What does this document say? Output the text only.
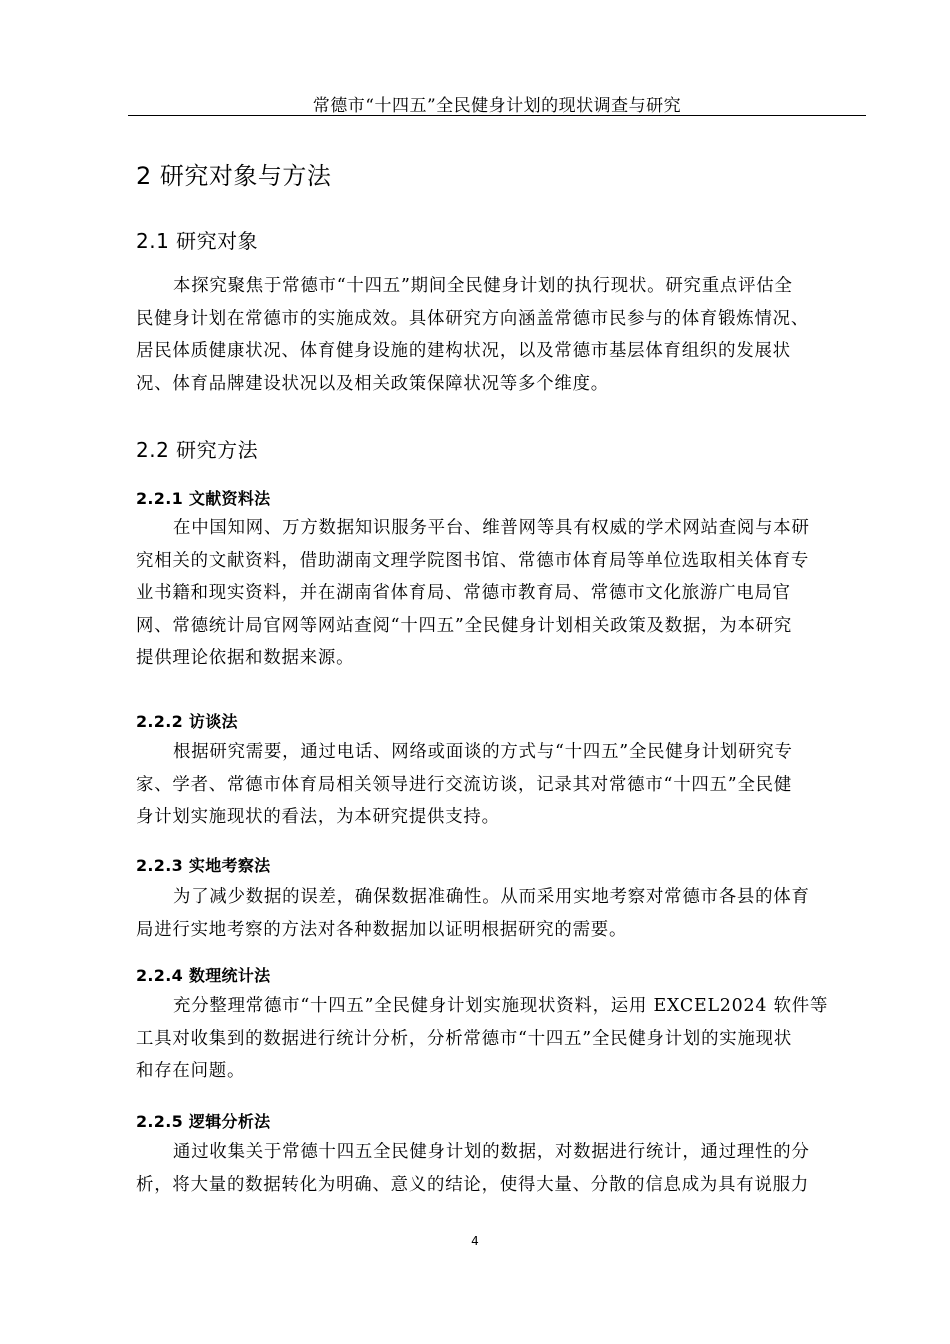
常德市“十四五”全民健身计划的现状调查与研究
2 研究对象与方法
2.1 研究对象
本探究聚焦于常德市“十四五”期间全民健身计划的执行现状。研究重点评估全
民健身计划在常德市的实施成效。具体研究方向涵盖常德市民参与的体育锻炼情况、
居民体质健康状况、体育健身设施的建构状况，以及常德市基层体育组织的发展状
况、体育品牌建设状况以及相关政策保障状况等多个维度。
2.2 研究方法
2.2.1 文献资料法
在中国知网、万方数据知识服务平台、维普网等具有权威的学术网站查阅与本研
究相关的文献资料，借助湖南文理学院图书馆、常德市体育局等单位选取相关体育专
业书籍和现实资料，并在湖南省体育局、常德市教育局、常德市文化旅游广电局官
网、常德统计局官网等网站查阅“十四五”全民健身计划相关政策及数据，为本研究
提供理论依据和数据来源。
2.2.2 访谈法
根据研究需要，通过电话、网络或面谈的方式与“十四五”全民健身计划研究专
家、学者、常德市体育局相关领导进行交流访谈，记录其对常德市“十四五”全民健
身计划实施现状的看法，为本研究提供支持。
2.2.3 实地考察法
为了减少数据的误差，确保数据准确性。从而采用实地考察对常德市各县的体育
局进行实地考察的方法对各种数据加以证明根据研究的需要。
2.2.4 数理统计法
充分整理常德市“十四五”全民健身计划实施现状资料，运用 EXCEL2024 软件等
工具对收集到的数据进行统计分析，分析常德市“十四五”全民健身计划的实施现状
和存在问题。
2.2.5 逻辑分析法
通过收集关于常德十四五全民健身计划的数据，对数据进行统计，通过理性的分
析，将大量的数据转化为明确、意义的结论，使得大量、分散的信息成为具有说服力
4
